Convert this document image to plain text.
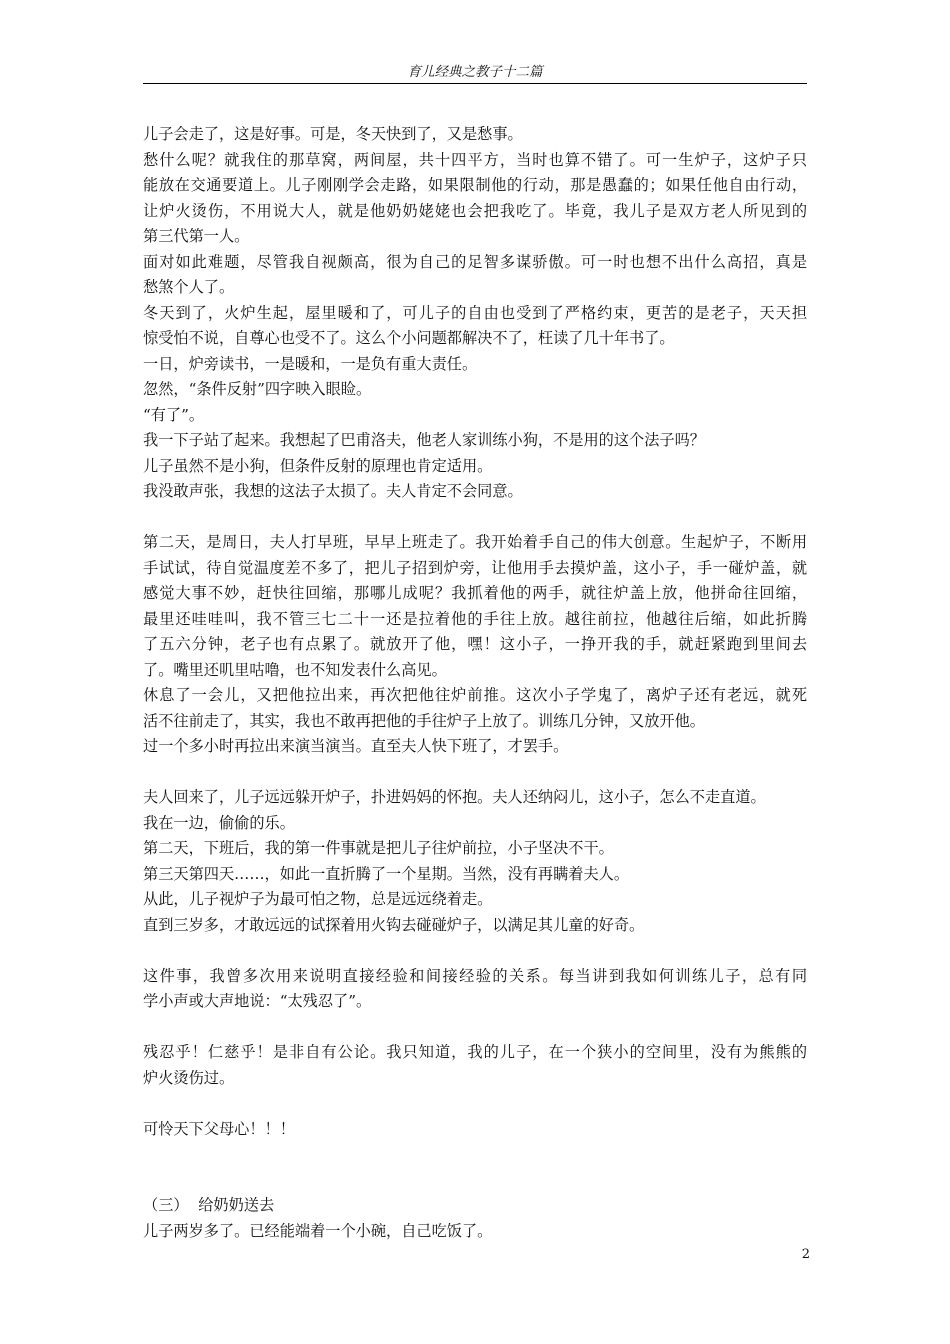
育儿经典之教子十二篇
儿子会走了，这是好事。可是，冬天快到了，又是愁事。
愁什么呢？就我住的那草窝，两间屋，共十四平方，当时也算不错了。可一生炉子，这炉子只
能放在交通要道上。儿子刚刚学会走路，如果限制他的行动，那是愚蠢的；如果任他自由行动，
让炉火烫伤，不用说大人，就是他奶奶姥姥也会把我吃了。毕竟，我儿子是双方老人所见到的
第三代第一人。
面对如此难题，尽管我自视颇高，很为自己的足智多谋骄傲。可一时也想不出什么高招，真是
愁煞个人了。
冬天到了，火炉生起，屋里暖和了，可儿子的自由也受到了严格约束，更苦的是老子，天天担
惊受怕不说，自尊心也受不了。这么个小问题都解决不了，枉读了几十年书了。
一日，炉旁读书，一是暖和，一是负有重大责任。
忽然，“条件反射”四字映入眼睑。
“有了”。
我一下子站了起来。我想起了巴甫洛夫，他老人家训练小狗，不是用的这个法子吗？
儿子虽然不是小狗，但条件反射的原理也肯定适用。
我没敢声张，我想的这法子太损了。夫人肯定不会同意。
第二天，是周日，夫人打早班，早早上班走了。我开始着手自己的伟大创意。生起炉子，不断用
手试试，待自觉温度差不多了，把儿子招到炉旁，让他用手去摸炉盖，这小子，手一碰炉盖，就
感觉大事不妙，赶快往回缩，那哪儿成呢？我抓着他的两手，就往炉盖上放，他拼命往回缩，
最里还哇哇叫，我不管三七二十一还是拉着他的手往上放。越往前拉，他越往后缩，如此折腾
了五六分钟，老子也有点累了。就放开了他，嘿！这小子，一挣开我的手，就赶紧跑到里间去
了。嘴里还叽里咕噜，也不知发表什么高见。
休息了一会儿，又把他拉出来，再次把他往炉前推。这次小子学鬼了，离炉子还有老远，就死
活不往前走了，其实，我也不敢再把他的手往炉子上放了。训练几分钟，又放开他。
过一个多小时再拉出来演当演当。直至夫人快下班了，才罢手。
夫人回来了，儿子远远躲开炉子，扑进妈妈的怀抱。夫人还纳闷儿，这小子，怎么不走直道。
我在一边，偷偷的乐。
第二天，下班后，我的第一件事就是把儿子往炉前拉，小子坚决不干。
第三天第四天……，如此一直折腾了一个星期。当然，没有再瞒着夫人。
从此，儿子视炉子为最可怕之物，总是远远绕着走。
直到三岁多，才敢远远的试探着用火钩去碰碰炉子，以满足其儿童的好奇。
这件事，我曾多次用来说明直接经验和间接经验的关系。每当讲到我如何训练儿子，总有同
学小声或大声地说：“太残忍了”。
残忍乎！仁慈乎！是非自有公论。我只知道，我的儿子，在一个狭小的空间里，没有为熊熊的
炉火烫伤过。
可怜天下父母心！！！
（三）  给奶奶送去
儿子两岁多了。已经能端着一个小碗，自己吃饭了。
2
